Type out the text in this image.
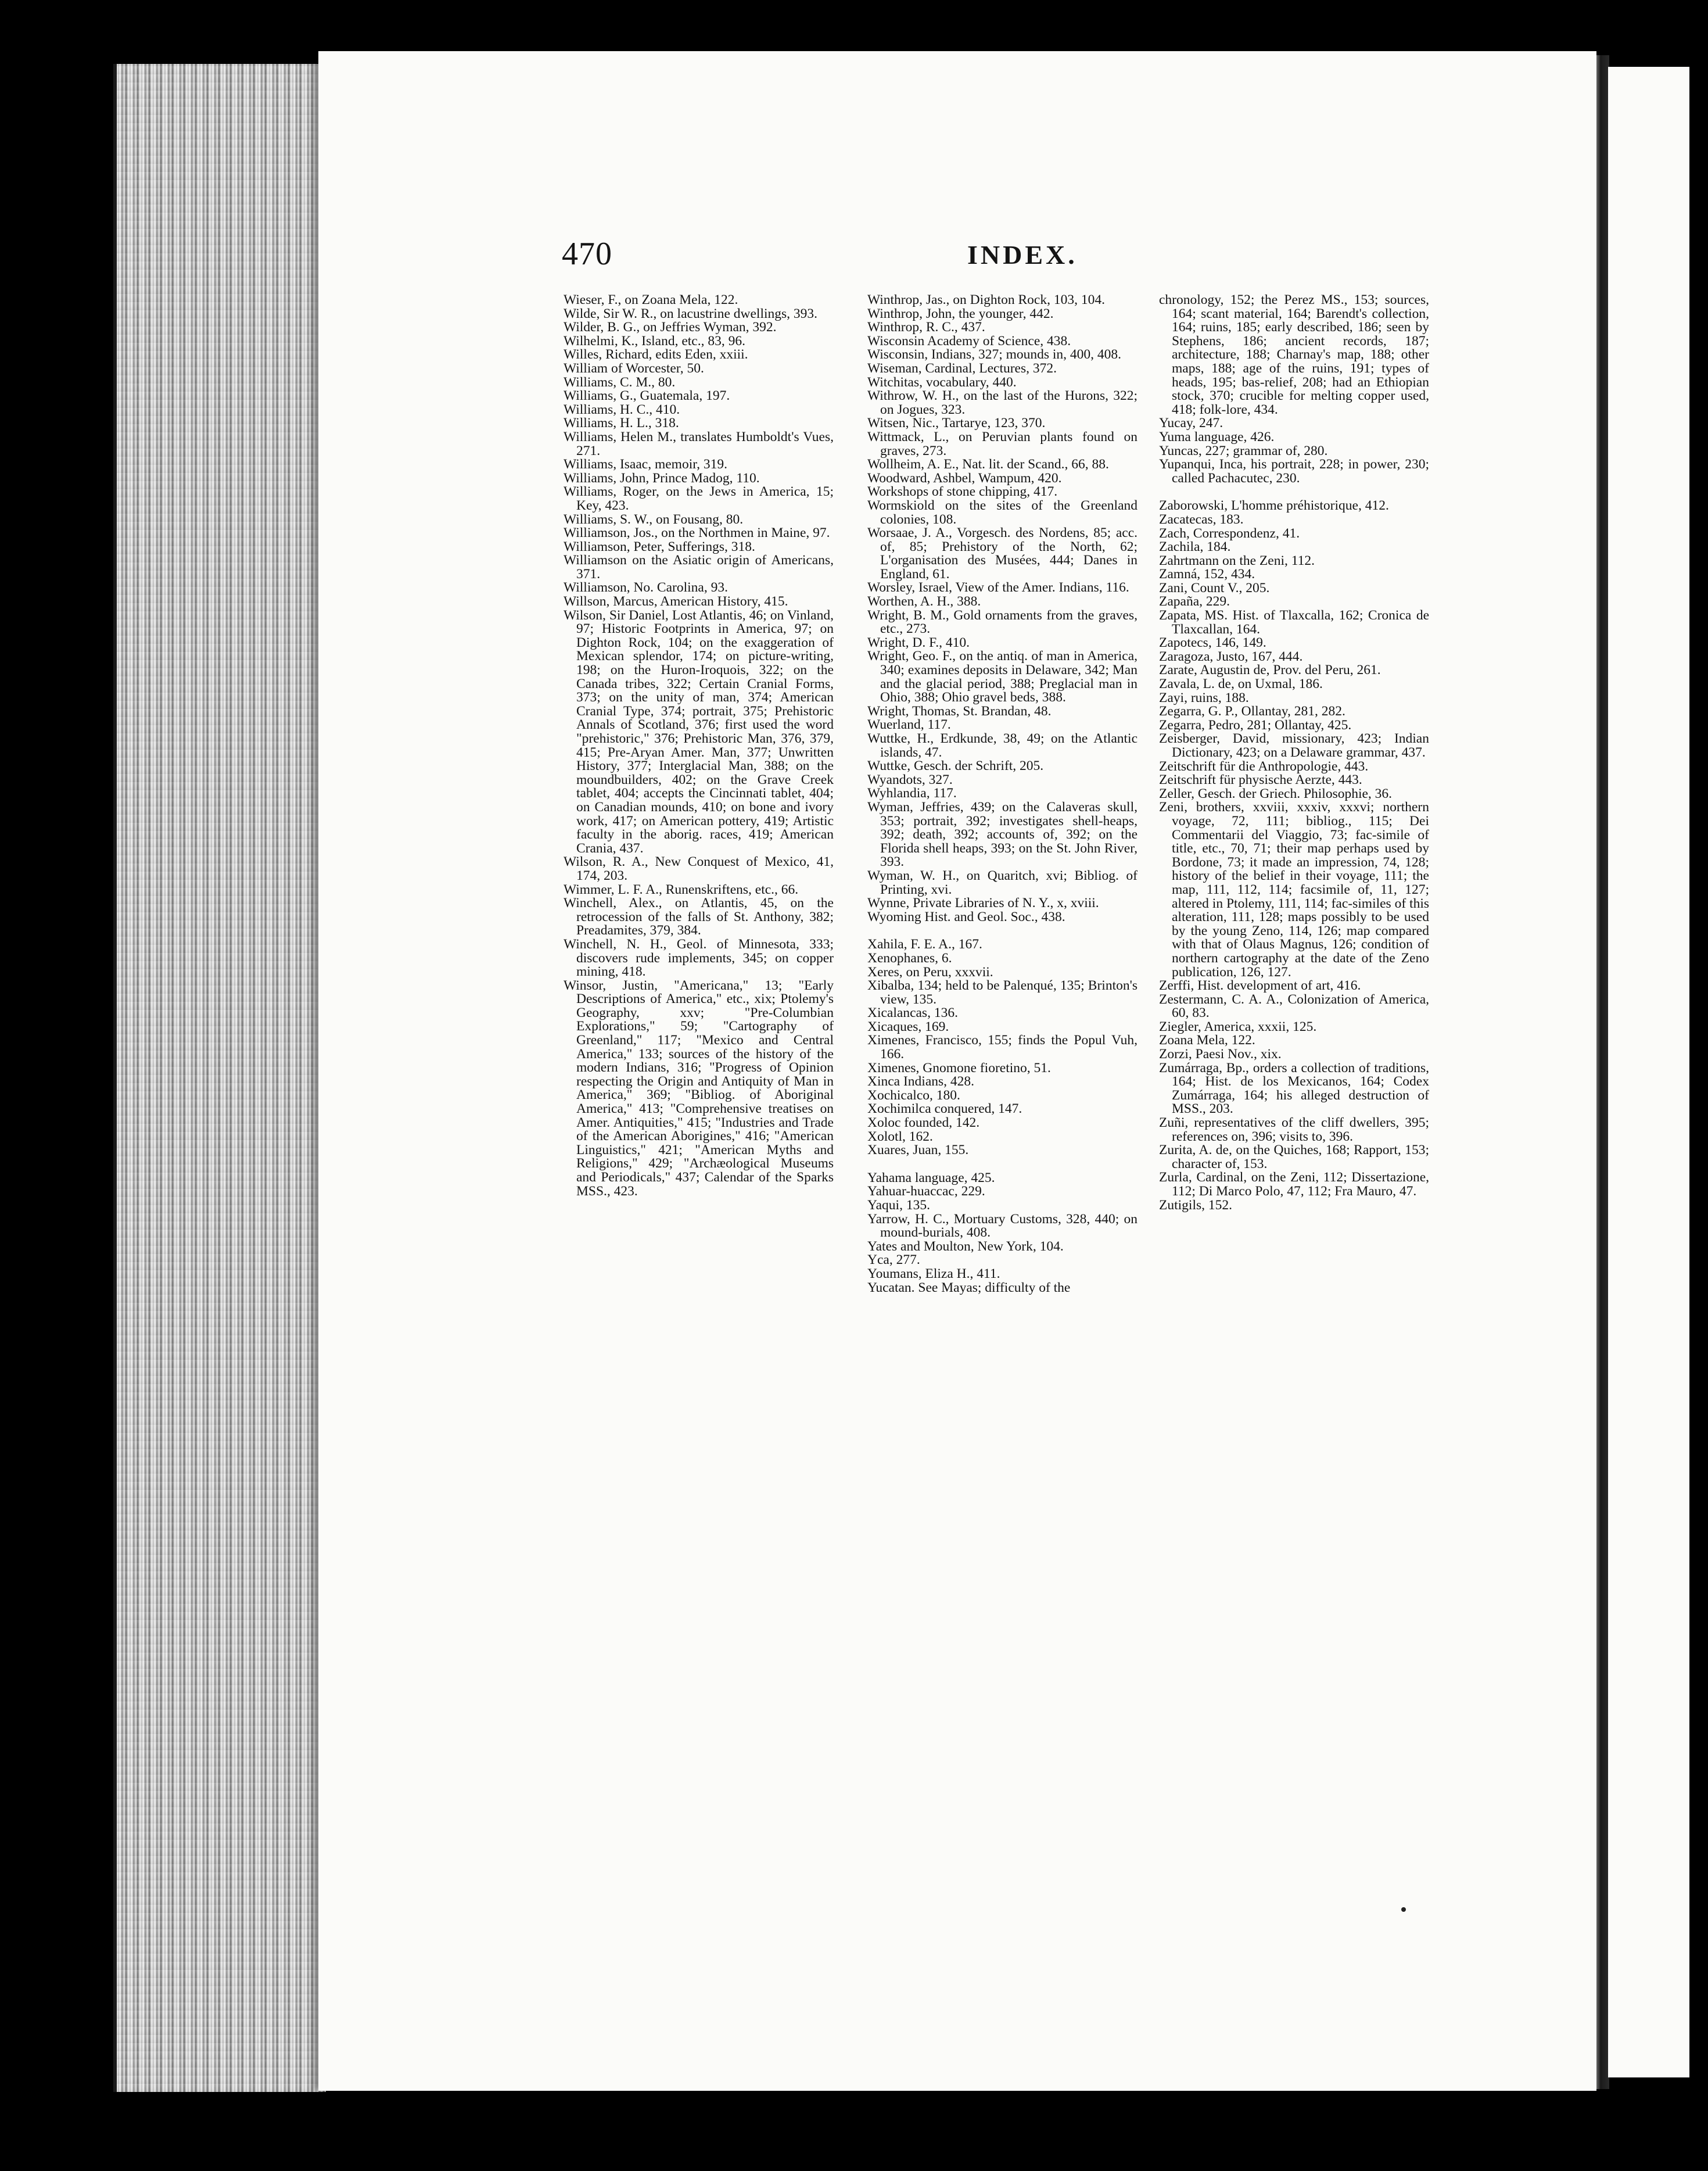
470	INDEX.

Wieser, F., on Zoana Mela, 122.

Wilde, Sir W. R., on lacustrine dwellings, 393.

Wilder, B. G., on Jeffries Wyman, 392.

Wilhelmi, K., Island, etc., 83, 96.

Willes, Richard, edits Eden, xxiii.

William of Worcester, 50.

Williams, C. M., 80.

Williams, G., Guatemala, 197.

Williams, H. C., 410.

Williams, H. L., 318.

Williams, Helen M., translates Humboldt's Vues, 271.

Williams, Isaac, memoir, 319.

Williams, John, Prince Madog, 110.

Williams, Roger, on the Jews in America, 15; Key, 423.

Williams, S. W., on Fousang, 80.

Williamson, Jos., on the Northmen in Maine, 97.

Williamson, Peter, Sufferings, 318.

Williamson on the Asiatic origin of Americans, 371.

Williamson, No. Carolina, 93.

Willson, Marcus, American History, 415.

Wilson, Sir Daniel, Lost Atlantis, 46; on Vinland, 97; Historic Footprints in America, 97; on Dighton Rock, 104; on the exaggeration of Mexican splendor, 174; on picture-writing, 198; on the Huron-Iroquois, 322; on the Canada tribes, 322; Certain Cranial Forms, 373; on the unity of man, 374; American Cranial Type, 374; portrait, 375; Prehistoric Annals of Scotland, 376; first used the word "prehistoric," 376; Prehistoric Man, 376, 379, 415; Pre-Aryan Amer. Man, 377; Unwritten History, 377; Interglacial Man, 388; on the moundbuilders, 402; on the Grave Creek tablet, 404; accepts the Cincinnati tablet, 404; on Canadian mounds, 410; on bone and ivory work, 417; on American pottery, 419; Artistic faculty in the aborig. races, 419; American Crania, 437.

Wilson, R. A., New Conquest of Mexico, 41, 174, 203.

Wimmer, L. F. A., Runenskriftens, etc., 66.

Winchell, Alex., on Atlantis, 45, on the retrocession of the falls of St. Anthony, 382; Preadamites, 379, 384.

Winchell, N. H., Geol. of Minnesota, 333; discovers rude implements, 345; on copper mining, 418.

Winsor, Justin, "Americana," 13; "Early Descriptions of America," etc., xix; Ptolemy's Geography, xxv; "Pre-Columbian Explorations," 59; "Cartography of Greenland," 117; "Mexico and Central America," 133; sources of the history of the modern Indians, 316; "Progress of Opinion respecting the Origin and Antiquity of Man in America," 369; "Bibliog. of Aboriginal America," 413; "Comprehensive treatises on Amer. Antiquities," 415; "Industries and Trade of the American Aborigines," 416; "American Linguistics," 421; "American Myths and Religions," 429; "Archæological Museums and Periodicals," 437; Calendar of the Sparks MSS., 423.

Winthrop, Jas., on Dighton Rock, 103, 104.

Winthrop, John, the younger, 442.

Winthrop, R. C., 437.

Wisconsin Academy of Science, 438.

Wisconsin, Indians, 327; mounds in, 400, 408.

Wiseman, Cardinal, Lectures, 372.

Witchitas, vocabulary, 440.

Withrow, W. H., on the last of the Hurons, 322; on Jogues, 323.

Witsen, Nic., Tartarye, 123, 370.

Wittmack, L., on Peruvian plants found on graves, 273.

Wollheim, A. E., Nat. lit. der Scand., 66, 88.

Woodward, Ashbel, Wampum, 420.

Workshops of stone chipping, 417.

Wormskiold on the sites of the Greenland colonies, 108.

Worsaae, J. A., Vorgesch. des Nordens, 85; acc. of, 85; Prehistory of the North, 62; L'organisation des Musées, 444; Danes in England, 61.

Worsley, Israel, View of the Amer. Indians, 116.

Worthen, A. H., 388.

Wright, B. M., Gold ornaments from the graves, etc., 273.

Wright, D. F., 410.

Wright, Geo. F., on the antiq. of man in America, 340; examines deposits in Delaware, 342; Man and the glacial period, 388; Preglacial man in Ohio, 388; Ohio gravel beds, 388.

Wright, Thomas, St. Brandan, 48.

Wuerland, 117.

Wuttke, H., Erdkunde, 38, 49; on the Atlantic islands, 47.

Wuttke, Gesch. der Schrift, 205.

Wyandots, 327.

Wyhlandia, 117.

Wyman, Jeffries, 439; on the Calaveras skull, 353; portrait, 392; investigates shell-heaps, 392; death, 392; accounts of, 392; on the Florida shell heaps, 393; on the St. John River, 393.

Wyman, W. H., on Quaritch, xvi; Bibliog. of Printing, xvi.

Wynne, Private Libraries of N. Y., x, xviii.

Wyoming Hist. and Geol. Soc., 438.

Xahila, F. E. A., 167.

Xenophanes, 6.

Xeres, on Peru, xxxvii.

Xibalba, 134; held to be Palenqué, 135; Brinton's view, 135.

Xicalancas, 136.

Xicaques, 169.

Ximenes, Francisco, 155; finds the Popul Vuh, 166.

Ximenes, Gnomone fioretino, 51.

Xinca Indians, 428.

Xochicalco, 180.

Xochimilca conquered, 147.

Xoloc founded, 142.

Xolotl, 162.

Xuares, Juan, 155.

Yahama language, 425.

Yahuar-huaccac, 229.

Yaqui, 135.

Yarrow, H. C., Mortuary Customs, 328, 440; on mound-burials, 408.

Yates and Moulton, New York, 104.

Yca, 277.

Youmans, Eliza H., 411.

Yucatan. See Mayas; difficulty of the

chronology, 152; the Perez MS., 153; sources, 164; scant material, 164; Barendt's collection, 164; ruins, 185; early described, 186; seen by Stephens, 186; ancient records, 187; architecture, 188; Charnay's map, 188; other maps, 188; age of the ruins, 191; types of heads, 195; bas-relief, 208; had an Ethiopian stock, 370; crucible for melting copper used, 418; folk-lore, 434.

Yucay, 247.

Yuma language, 426.

Yuncas, 227; grammar of, 280.

Yupanqui, Inca, his portrait, 228; in power, 230; called Pachacutec, 230.

Zaborowski, L'homme préhistorique, 412.

Zacatecas, 183.

Zach, Correspondenz, 41.

Zachila, 184.

Zahrtmann on the Zeni, 112.

Zamná, 152, 434.

Zani, Count V., 205.

Zapaña, 229.

Zapata, MS. Hist. of Tlaxcalla, 162; Cronica de Tlaxcallan, 164.

Zapotecs, 146, 149.

Zaragoza, Justo, 167, 444.

Zarate, Augustin de, Prov. del Peru, 261.

Zavala, L. de, on Uxmal, 186.

Zayi, ruins, 188.

Zegarra, G. P., Ollantay, 281, 282.

Zegarra, Pedro, 281; Ollantay, 425.

Zeisberger, David, missionary, 423; Indian Dictionary, 423; on a Delaware grammar, 437.

Zeitschrift für die Anthropologie, 443.

Zeitschrift für physische Aerzte, 443.

Zeller, Gesch. der Griech. Philosophie, 36.

Zeni, brothers, xxviii, xxxiv, xxxvi; northern voyage, 72, 111; bibliog., 115; Dei Commentarii del Viaggio, 73; fac-simile of title, etc., 70, 71; their map perhaps used by Bordone, 73; it made an impression, 74, 128; history of the belief in their voyage, 111; the map, 111, 112, 114; facsimile of, 11, 127; altered in Ptolemy, 111, 114; fac-similes of this alteration, 111, 128; maps possibly to be used by the young Zeno, 114, 126; map compared with that of Olaus Magnus, 126; condition of northern cartography at the date of the Zeno publication, 126, 127.

Zerffi, Hist. development of art, 416.

Zestermann, C. A. A., Colonization of America, 60, 83.

Ziegler, America, xxxii, 125.

Zoana Mela, 122.

Zorzi, Paesi Nov., xix.

Zumárraga, Bp., orders a collection of traditions, 164; Hist. de los Mexicanos, 164; Codex Zumárraga, 164; his alleged destruction of MSS., 203.

Zuñi, representatives of the cliff dwellers, 395; references on, 396; visits to, 396.

Zurita, A. de, on the Quiches, 168; Rapport, 153; character of, 153.

Zurla, Cardinal, on the Zeni, 112; Dissertazione, 112; Di Marco Polo, 47, 112; Fra Mauro, 47.

Zutigils, 152.
